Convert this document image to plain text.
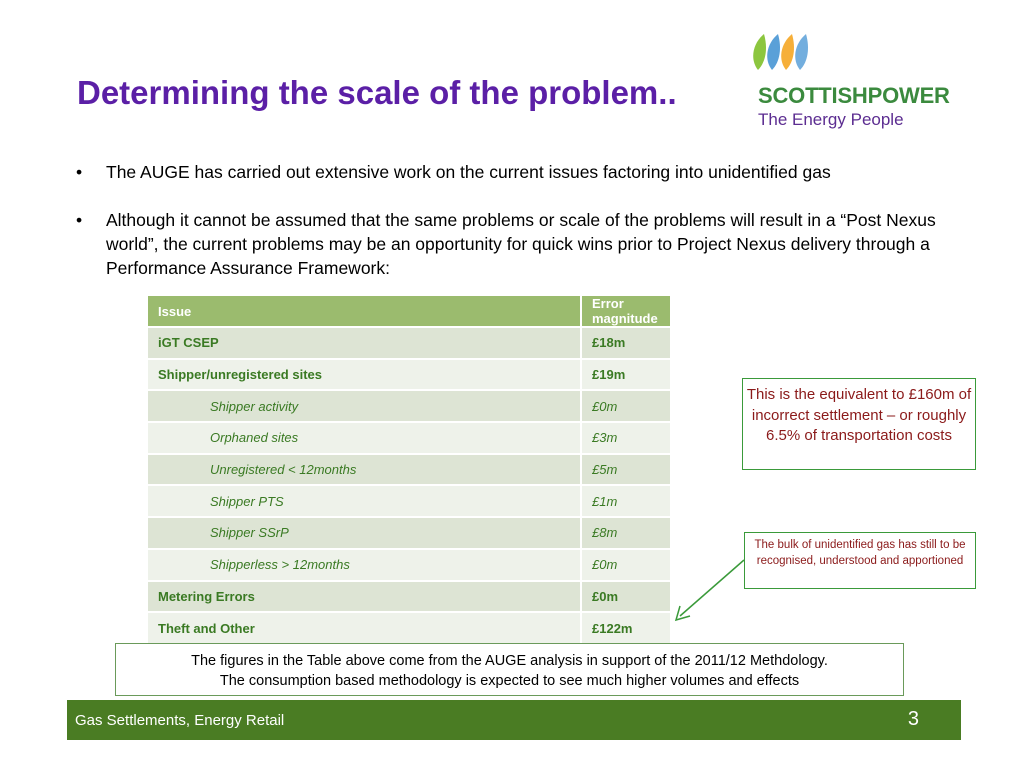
Determining the scale of the problem..	SCOTTISHPOWER
The Energy People
• The AUGE has carried out extensive work on the current issues factoring into unidentified gas
• Although it cannot be assumed that the same problems or scale of the problems will result in a “Post Nexus world”, the current problems may be an opportunity for quick wins prior to Project Nexus delivery through a Performance Assurance Framework:
Issue	Error magnitude
iGT CSEP	£18m
Shipper/unregistered sites	£19m
Shipper activity	£0m
Orphaned sites	£3m
Unregistered < 12months	£5m
Shipper PTS	£1m
Shipper SSrP	£8m
Shipperless > 12months	£0m
Metering Errors	£0m
Theft and Other	£122m
This is the equivalent to £160m of incorrect settlement – or roughly 6.5% of transportation costs
The bulk of unidentified gas has still to be recognised, understood and apportioned
The figures in the Table above come from the AUGE analysis in support of the 2011/12 Methdology.
The consumption based methodology is expected to see much higher volumes and effects
Gas Settlements, Energy Retail	3
